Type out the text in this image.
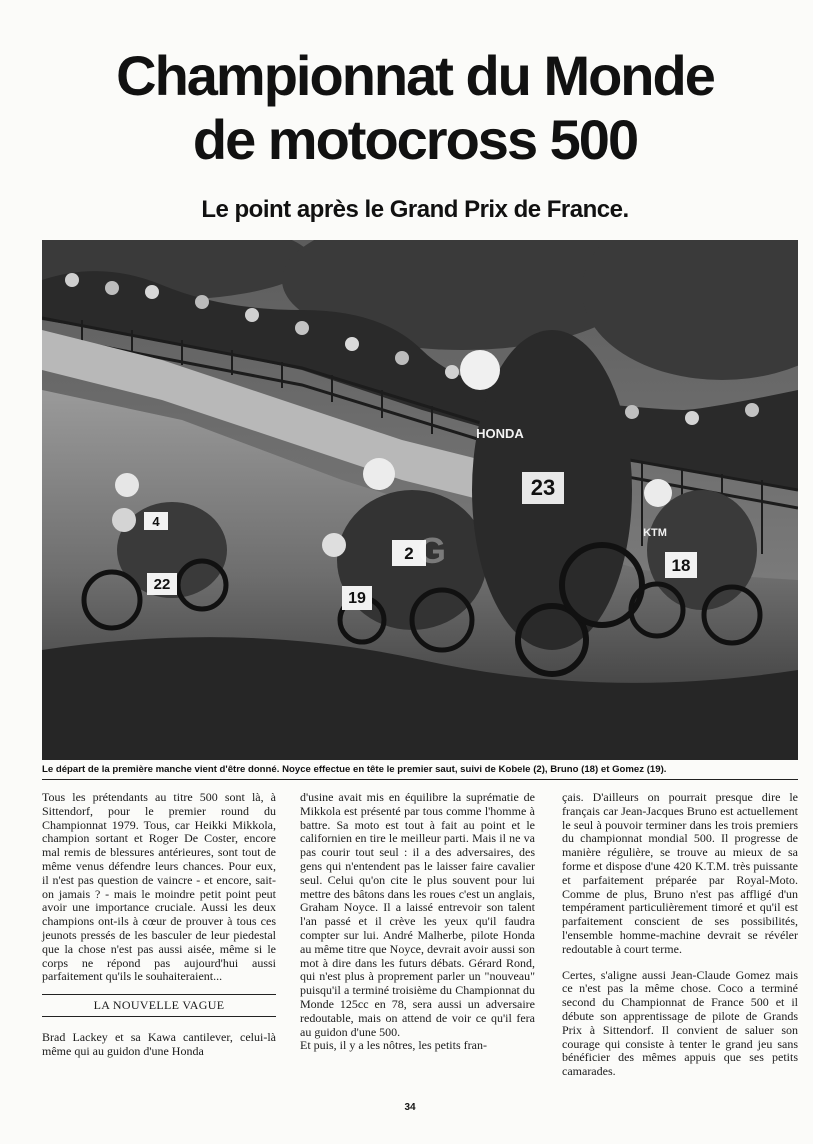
Championnat du Monde
de motocross 500
Le point après le Grand Prix de France.
4
22
19
2
23
18
HONDA
KTM
G
Le départ de la première manche vient d'être donné. Noyce effectue en tête le premier saut, suivi de Kobele (2), Bruno (18) et Gomez (19).

Tous les prétendants au titre 500 sont là, à Sittendorf, pour le premier round du Championnat 1979. Tous, car Heikki Mikkola, champion sortant et Roger De Coster, encore mal remis de blessures antérieures, sont tout de même venus défendre leurs chances. Pour eux, il n'est pas question de vaincre - et encore, sait-on jamais ? - mais le moindre petit point peut avoir une importance cruciale. Aussi les deux champions ont-ils à cœur de prouver à tous ces jeunots pressés de les basculer de leur piedestal que la chose n'est pas aussi aisée, même si le corps ne répond pas aujourd'hui aussi parfaitement qu'ils le souhaiteraient...

LA NOUVELLE VAGUE

Brad Lackey et sa Kawa cantilever, celui-là même qui au guidon d'une Honda

d'usine avait mis en équilibre la suprématie de Mikkola est présenté par tous comme l'homme à battre. Sa moto est tout à fait au point et le californien en tire le meilleur parti. Mais il ne va pas courir tout seul : il a des adversaires, des gens qui n'entendent pas le laisser faire cavalier seul. Celui qu'on cite le plus souvent pour lui mettre des bâtons dans les roues c'est un anglais, Graham Noyce. Il a laissé entrevoir son talent l'an passé et il crève les yeux qu'il faudra compter sur lui. André Malherbe, pilote Honda au même titre que Noyce, devrait avoir aussi son mot à dire dans les futurs débats. Gérard Rond, qui n'est plus à proprement parler un "nouveau" puisqu'il a terminé troisième du Championnat du Monde 125cc en 78, sera aussi un adversaire redoutable, mais on attend de voir ce qu'il fera au guidon d'une 500.

Et puis, il y a les nôtres, les petits fran-

çais. D'ailleurs on pourrait presque dire le français car Jean-Jacques Bruno est actuellement le seul à pouvoir terminer dans les trois premiers du championnat mondial 500. Il progresse de manière régulière, se trouve au mieux de sa forme et dispose d'une 420 K.T.M. très puissante et parfaitement préparée par Royal-Moto. Comme de plus, Bruno n'est pas affligé d'un tempérament particulièrement timoré et qu'il est parfaitement conscient de ses possibilités, l'ensemble homme-machine devrait se révéler redoutable à court terme.

Certes, s'aligne aussi Jean-Claude Gomez mais ce n'est pas la même chose. Coco a terminé second du Championnat de France 500 et il débute son apprentissage de pilote de Grands Prix à Sittendorf. Il convient de saluer son courage qui consiste à tenter le grand jeu sans bénéficier des mêmes appuis que ses petits camarades.

34
